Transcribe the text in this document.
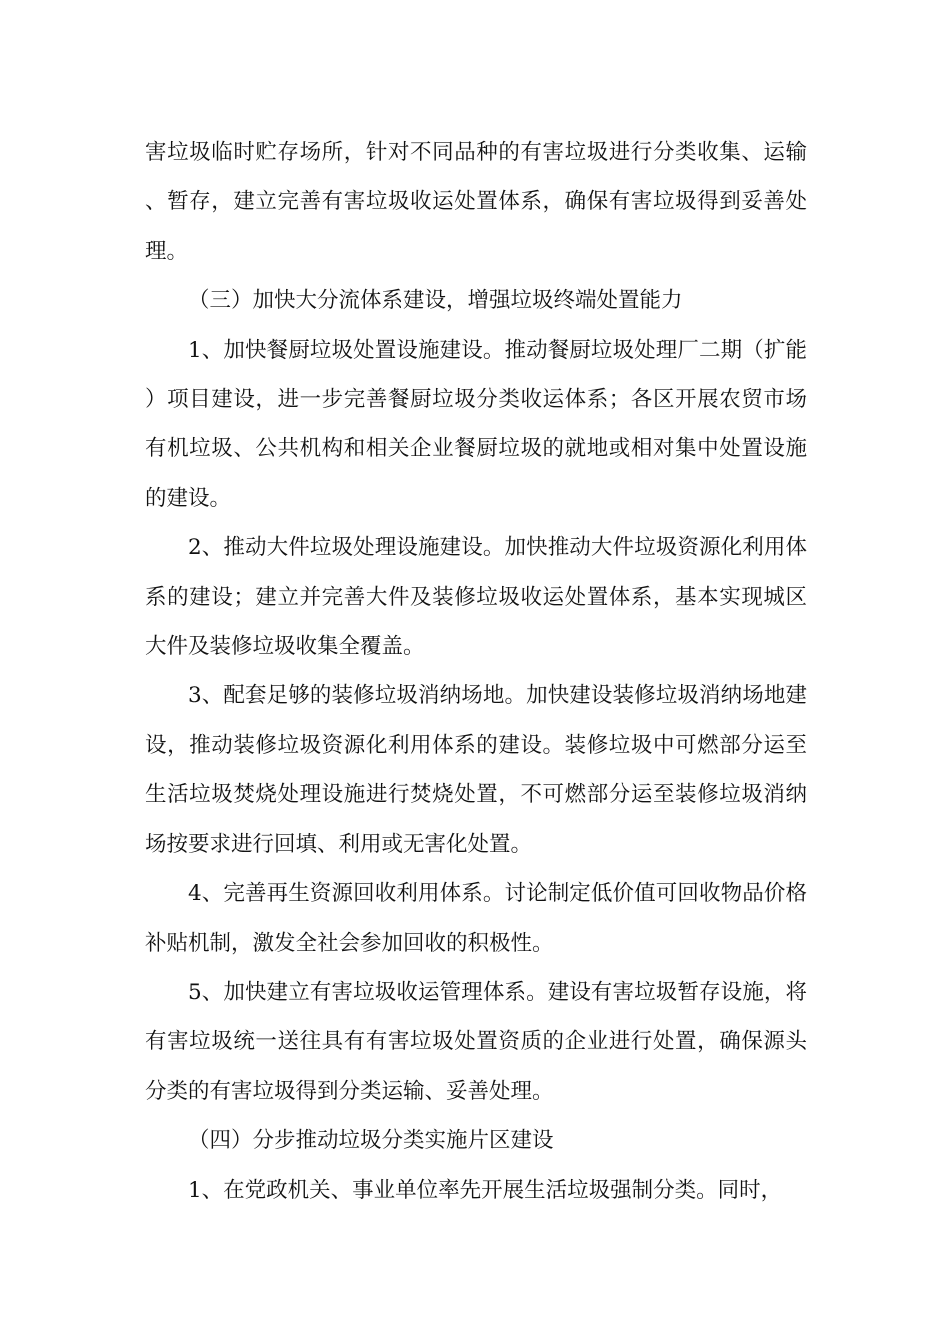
害垃圾临时贮存场所，针对不同品种的有害垃圾进行分类收集、运输、暂存，建立完善有害垃圾收运处置体系，确保有害垃圾得到妥善处理。

（三）加快大分流体系建设，增强垃圾终端处置能力

1、加快餐厨垃圾处置设施建设。推动餐厨垃圾处理厂二期（扩能）项目建设，进一步完善餐厨垃圾分类收运体系；各区开展农贸市场有机垃圾、公共机构和相关企业餐厨垃圾的就地或相对集中处置设施的建设。

2、推动大件垃圾处理设施建设。加快推动大件垃圾资源化利用体系的建设；建立并完善大件及装修垃圾收运处置体系，基本实现城区大件及装修垃圾收集全覆盖。

3、配套足够的装修垃圾消纳场地。加快建设装修垃圾消纳场地建设，推动装修垃圾资源化利用体系的建设。装修垃圾中可燃部分运至生活垃圾焚烧处理设施进行焚烧处置，不可燃部分运至装修垃圾消纳场按要求进行回填、利用或无害化处置。

4、完善再生资源回收利用体系。讨论制定低价值可回收物品价格补贴机制，激发全社会参加回收的积极性。

5、加快建立有害垃圾收运管理体系。建设有害垃圾暂存设施，将有害垃圾统一送往具有有害垃圾处置资质的企业进行处置，确保源头分类的有害垃圾得到分类运输、妥善处理。

（四）分步推动垃圾分类实施片区建设

1、在党政机关、事业单位率先开展生活垃圾强制分类。同时，
